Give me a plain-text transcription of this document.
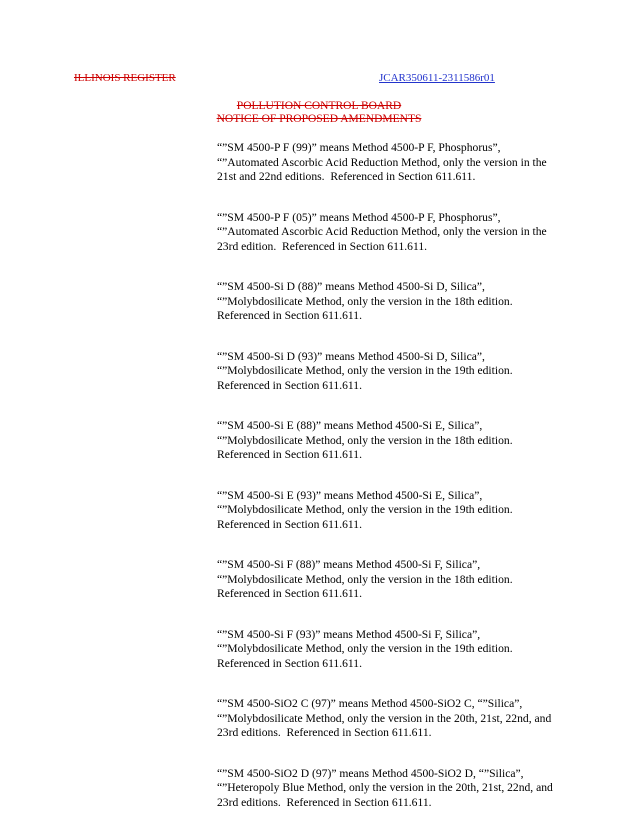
ILLINOIS REGISTER	JCAR350611-2311586r01
POLLUTION CONTROL BOARD
NOTICE OF PROPOSED AMENDMENTS

“”SM 4500-P F (99)” means Method 4500-P F, Phosphorus”, “”Automated Ascorbic Acid Reduction Method, only the version in the 21st and 22nd editions.  Referenced in Section 611.611.

“”SM 4500-P F (05)” means Method 4500-P F, Phosphorus”, “”Automated Ascorbic Acid Reduction Method, only the version in the 23rd edition.  Referenced in Section 611.611.

“”SM 4500-Si D (88)” means Method 4500-Si D, Silica”, “”Molybdosilicate Method, only the version in the 18th edition.  Referenced in Section 611.611.

“”SM 4500-Si D (93)” means Method 4500-Si D, Silica”, “”Molybdosilicate Method, only the version in the 19th edition.  Referenced in Section 611.611.

“”SM 4500-Si E (88)” means Method 4500-Si E, Silica”, “”Molybdosilicate Method, only the version in the 18th edition.  Referenced in Section 611.611.

“”SM 4500-Si E (93)” means Method 4500-Si E, Silica”, “”Molybdosilicate Method, only the version in the 19th edition.  Referenced in Section 611.611.

“”SM 4500-Si F (88)” means Method 4500-Si F, Silica”, “”Molybdosilicate Method, only the version in the 18th edition.  Referenced in Section 611.611.

“”SM 4500-Si F (93)” means Method 4500-Si F, Silica”, “”Molybdosilicate Method, only the version in the 19th edition.  Referenced in Section 611.611.

“”SM 4500-SiO2 C (97)” means Method 4500-SiO2 C, “”Silica”, “”Molybdosilicate Method, only the version in the 20th, 21st, 22nd, and 23rd editions.  Referenced in Section 611.611.

“”SM 4500-SiO2 D (97)” means Method 4500-SiO2 D, “”Silica”, “”Heteropoly Blue Method, only the version in the 20th, 21st, 22nd, and 23rd editions.  Referenced in Section 611.611.
